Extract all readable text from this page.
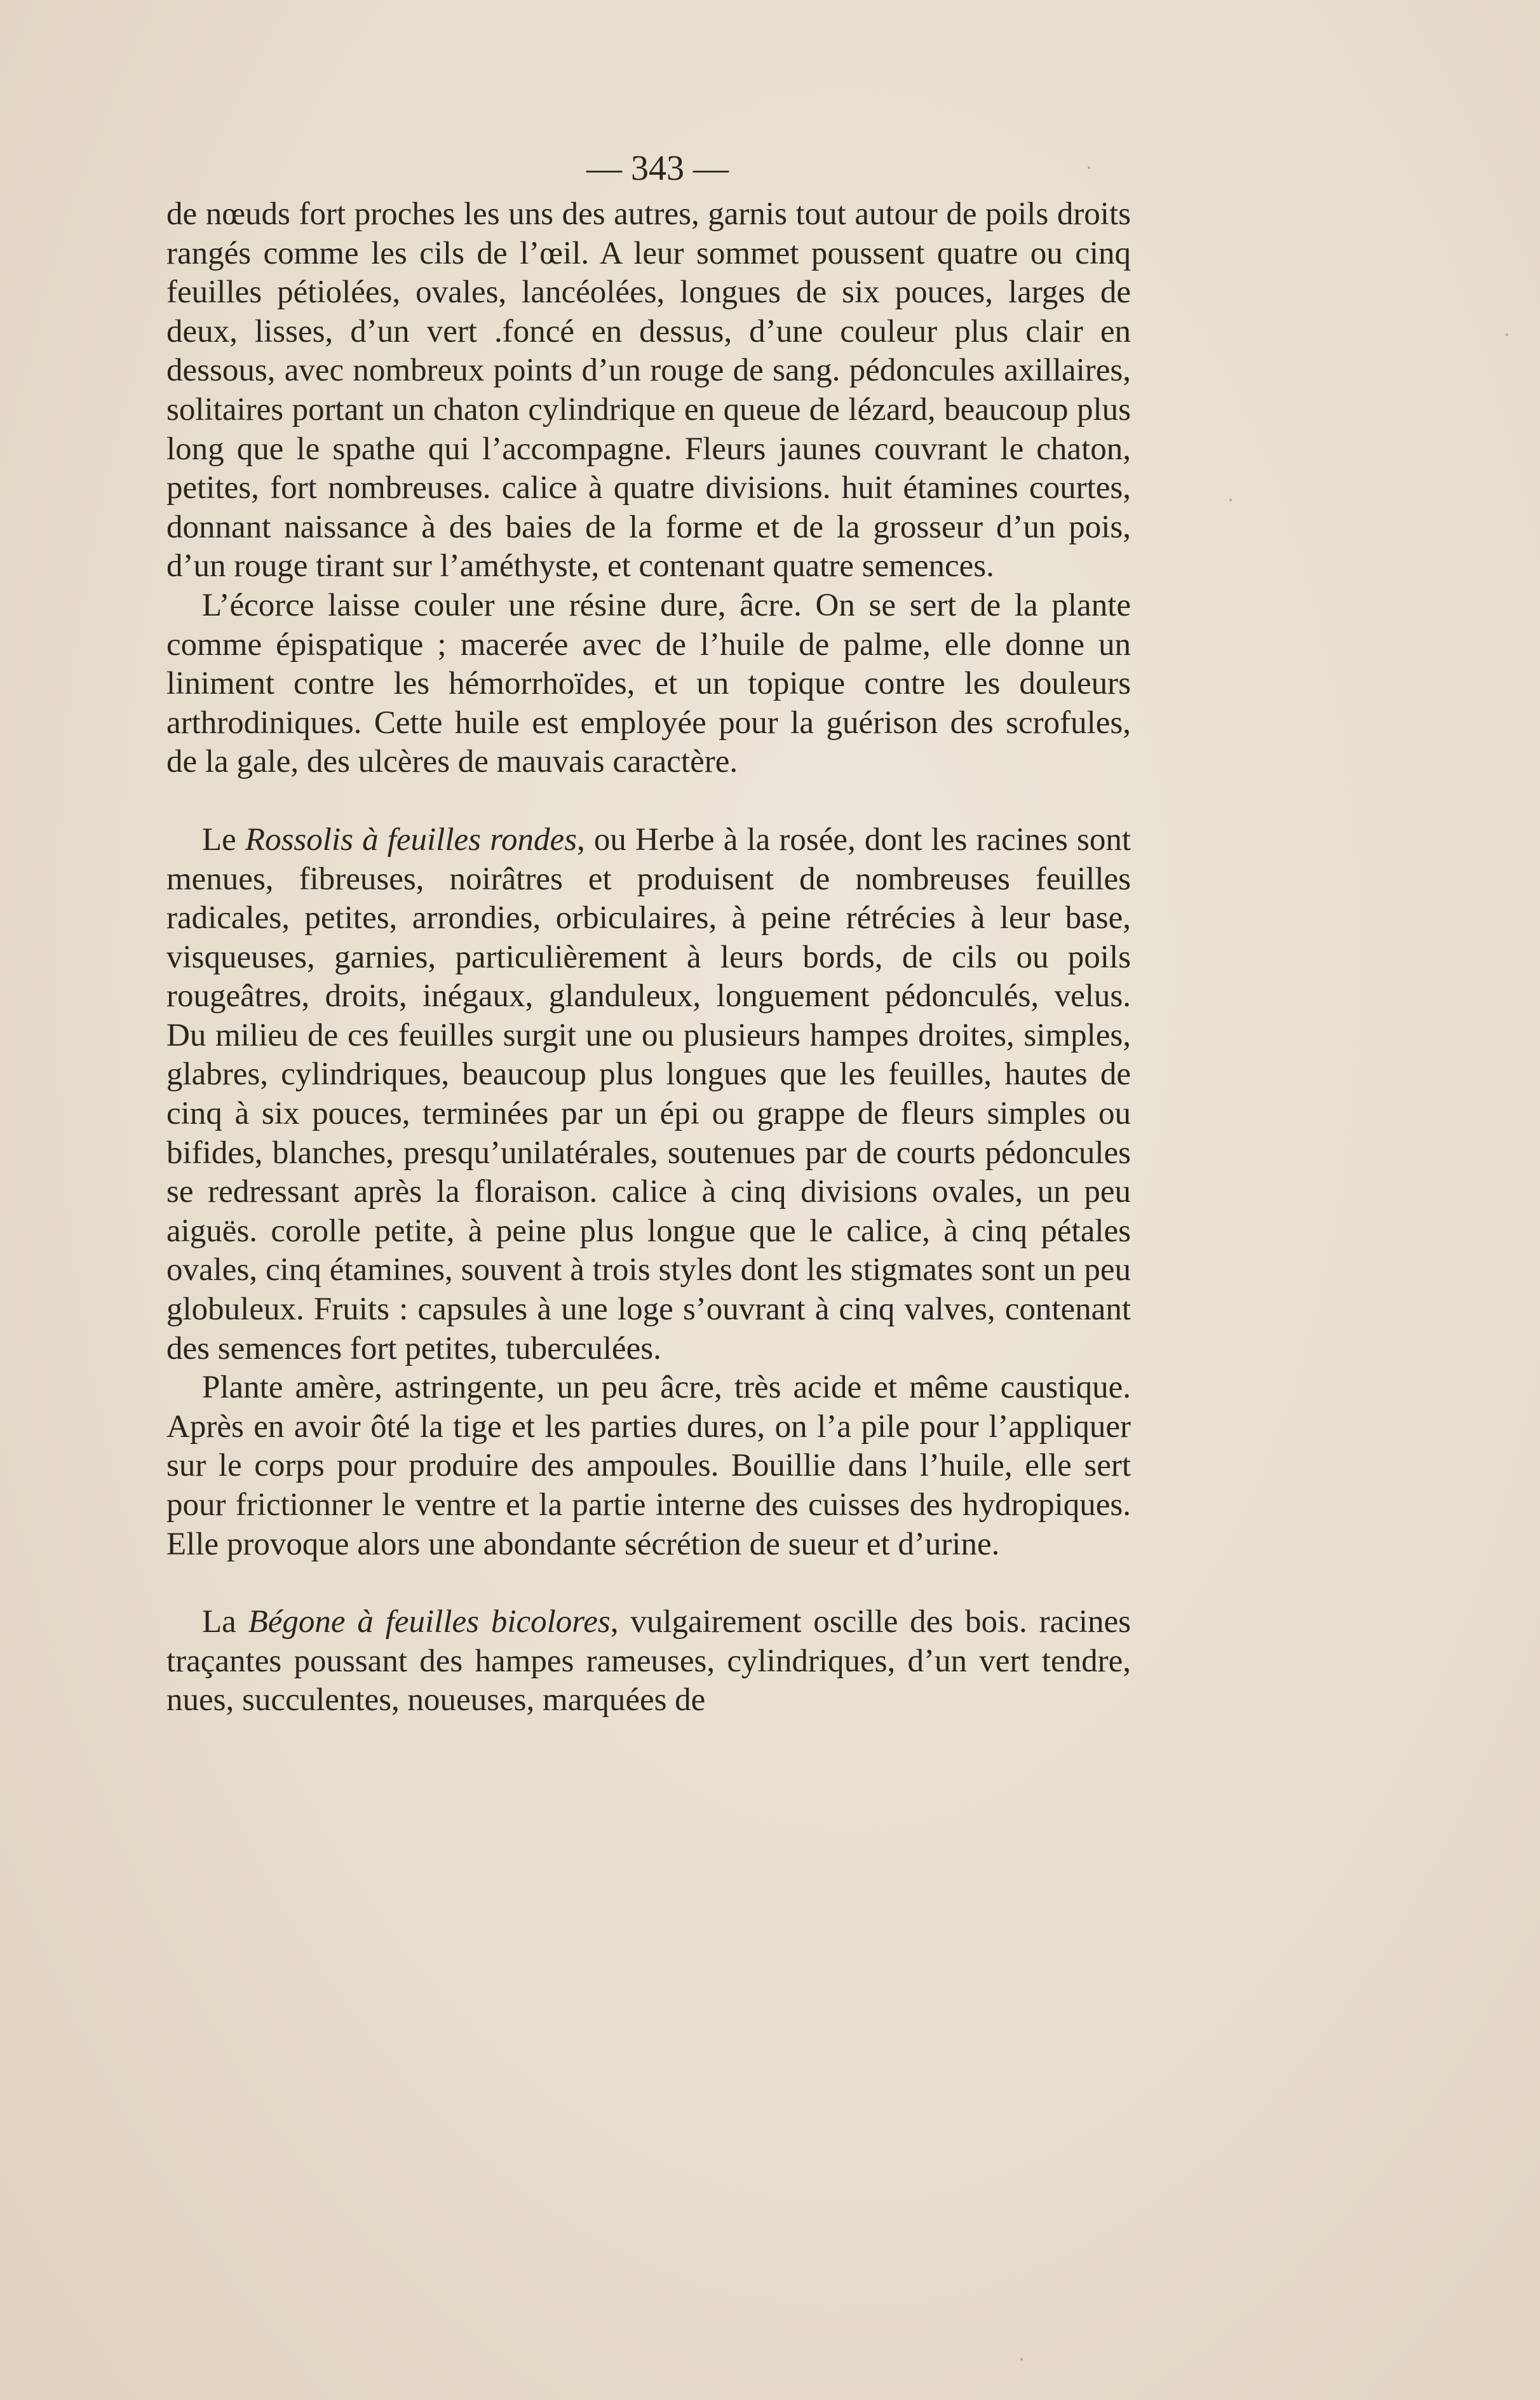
— 343 —

de nœuds fort proches les uns des autres, garnis tout autour de poils droits rangés comme les cils de l’œil. A leur sommet poussent quatre ou cinq feuilles pétiolées, ovales, lancéolées, longues de six pouces, larges de deux, lisses, d’un vert .foncé en dessus, d’une couleur plus clair en dessous, avec nombreux points d’un rouge de sang. pédoncules axillaires, solitaires portant un chaton cylindrique en queue de lézard, beaucoup plus long que le spathe qui l’accompagne. Fleurs jaunes couvrant le chaton, petites, fort nombreuses. calice à quatre divisions. huit étamines courtes, donnant naissance à des baies de la forme et de la grosseur d’un pois, d’un rouge tirant sur l’améthyste, et contenant quatre semences.

L’écorce laisse couler une résine dure, âcre. On se sert de la plante comme épispatique ; macerée avec de l’huile de palme, elle donne un liniment contre les hémorrhoïdes, et un topique contre les douleurs arthrodiniques. Cette huile est employée pour la guérison des scrofules, de la gale, des ulcères de mauvais caractère.

Le Rossolis à feuilles rondes, ou Herbe à la rosée, dont les racines sont menues, fibreuses, noirâtres et produisent de nombreuses feuilles radicales, petites, arrondies, orbiculaires, à peine rétrécies à leur base, visqueuses, garnies, particulièrement à leurs bords, de cils ou poils rougeâtres, droits, inégaux, glanduleux, longuement pédonculés, velus. Du milieu de ces feuilles surgit une ou plusieurs hampes droites, simples, glabres, cylindriques, beaucoup plus longues que les feuilles, hautes de cinq à six pouces, terminées par un épi ou grappe de fleurs simples ou bifides, blanches, presqu’unilatérales, soutenues par de courts pédoncules se redressant après la floraison. calice à cinq divisions ovales, un peu aiguës. corolle petite, à peine plus longue que le calice, à cinq pétales ovales, cinq étamines, souvent à trois styles dont les stigmates sont un peu globuleux. Fruits : capsules à une loge s’ouvrant à cinq valves, contenant des semences fort petites, tuberculées.

Plante amère, astringente, un peu âcre, très acide et même caustique. Après en avoir ôté la tige et les parties dures, on l’a pile pour l’appliquer sur le corps pour produire des ampoules. Bouillie dans l’huile, elle sert pour frictionner le ventre et la partie interne des cuisses des hydropiques. Elle provoque alors une abondante sécrétion de sueur et d’urine.

La Bégone à feuilles bicolores, vulgairement oscille des bois. racines traçantes poussant des hampes rameuses, cylindriques, d’un vert tendre, nues, succulentes, noueuses, marquées de
